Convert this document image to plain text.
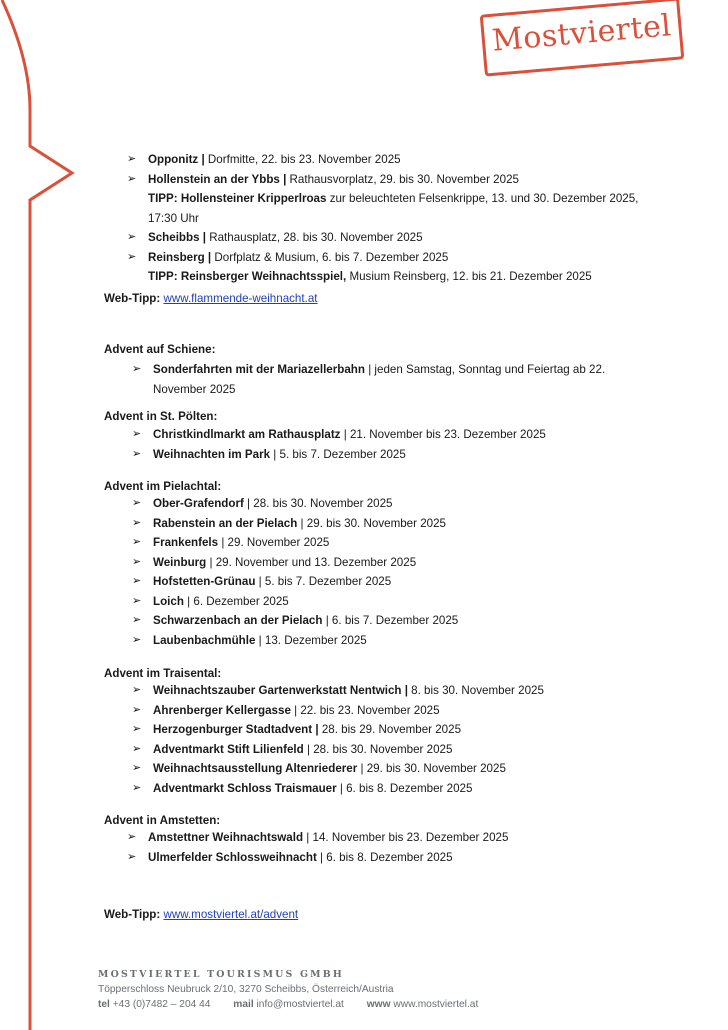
Mostviertel
➢ Opponitz | Dorfmitte, 22. bis 23. November 2025
➢ Hollenstein an der Ybbs | Rathausvorplatz, 29. bis 30. November 2025
TIPP: Hollensteiner Kripperlroas zur beleuchteten Felsenkrippe, 13. und 30. Dezember 2025, 17:30 Uhr
➢ Scheibbs | Rathausplatz, 28. bis 30. November 2025
➢ Reinsberg | Dorfplatz & Musium, 6. bis 7. Dezember 2025
TIPP: Reinsberger Weihnachtsspiel, Musium Reinsberg, 12. bis 21. Dezember 2025
Web-Tipp: www.flammende-weihnacht.at
Advent auf Schiene:
➢ Sonderfahrten mit der Mariazellerbahn | jeden Samstag, Sonntag und Feiertag ab 22. November 2025
Advent in St. Pölten:
➢ Christkindlmarkt am Rathausplatz | 21. November bis 23. Dezember 2025
➢ Weihnachten im Park | 5. bis 7. Dezember 2025
Advent im Pielachtal:
➢ Ober-Grafendorf | 28. bis 30. November 2025
➢ Rabenstein an der Pielach | 29. bis 30. November 2025
➢ Frankenfels | 29. November 2025
➢ Weinburg | 29. November und 13. Dezember 2025
➢ Hofstetten-Grünau | 5. bis 7. Dezember 2025
➢ Loich | 6. Dezember 2025
➢ Schwarzenbach an der Pielach | 6. bis 7. Dezember 2025
➢ Laubenbachmühle | 13. Dezember 2025
Advent im Traisental:
➢ Weihnachtszauber Gartenwerkstatt Nentwich | 8. bis 30. November 2025
➢ Ahrenberger Kellergasse | 22. bis 23. November 2025
➢ Herzogenburger Stadtadvent | 28. bis 29. November 2025
➢ Adventmarkt Stift Lilienfeld | 28. bis 30. November 2025
➢ Weihnachtsausstellung Altenriederer | 29. bis 30. November 2025
➢ Adventmarkt Schloss Traismauer | 6. bis 8. Dezember 2025
Advent in Amstetten:
➢ Amstettner Weihnachtswald | 14. November bis 23. Dezember 2025
➢ Ulmerfelder Schlossweihnacht | 6. bis 8. Dezember 2025
Web-Tipp: www.mostviertel.at/advent
MOSTVIERTEL TOURISMUS GMBH
Töpperschloss Neubruck 2/10, 3270 Scheibbs, Österreich/Austria
tel +43 (0)7482 – 204 44 mail info@mostviertel.at www www.mostviertel.at
